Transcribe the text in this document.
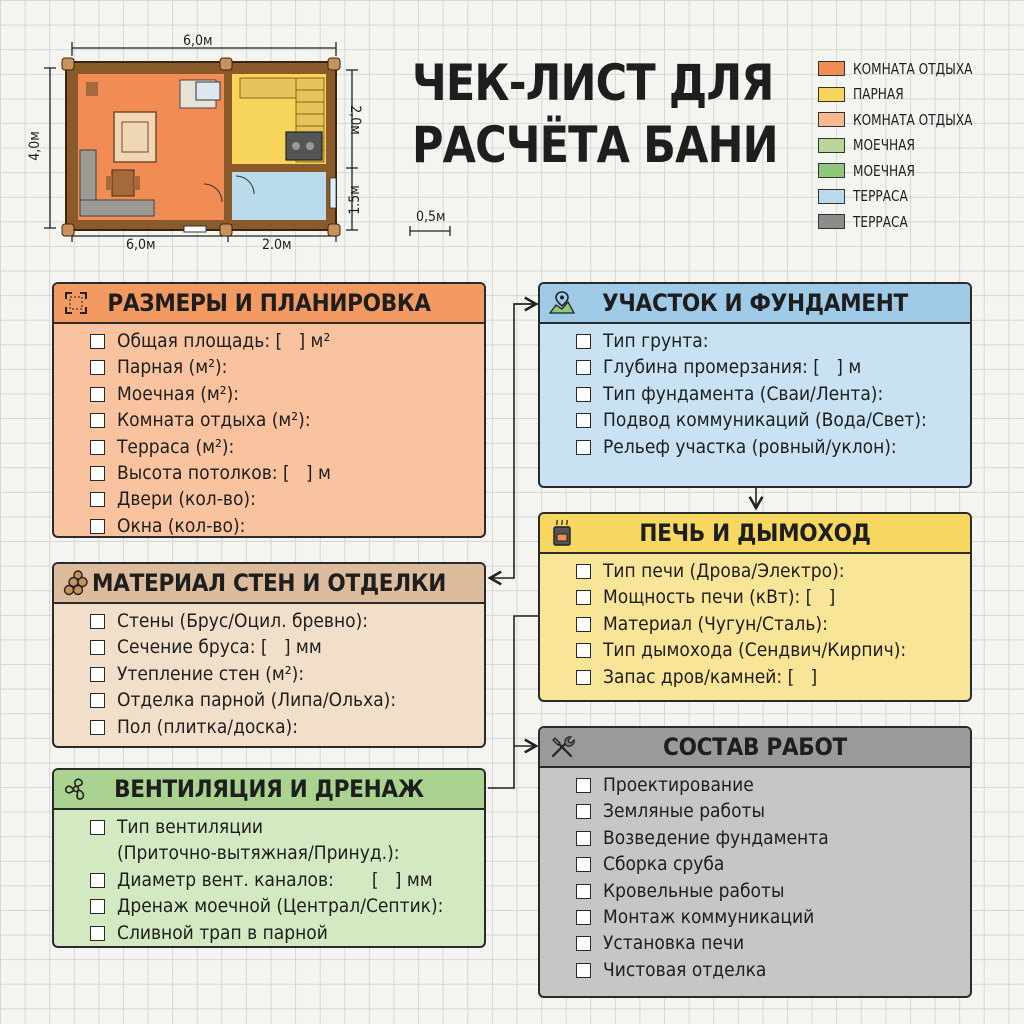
6,0м
4,0м
2,0м
1.5м
6,0м	2.0м
0,5м
ЧЕК-ЛИСТ ДЛЯ
РАСЧЁТА БАНИ
КОМНАТА ОТДЫХА
ПАРНАЯ
КОМНАТА ОТДЫХА
МОЕЧНАЯ
МОЕЧНАЯ
ТЕРРАСА
ТЕРРАСА
РАЗМЕРЫ И ПЛАНИРОВКА
Общая площадь: [   ] м²
Парная (м²):
Моечная (м²):
Комната отдыха (м²):
Терраса (м²):
Высота потолков: [   ] м
Двери (кол-во):
Окна (кол-во):
МАТЕРИАЛ СТЕН И ОТДЕЛКИ
Стены (Брус/Оцил. бревно):
Сечение бруса: [   ] мм
Утепление стен (м²):
Отделка парной (Липа/Ольха):
Пол (плитка/доска):
ВЕНТИЛЯЦИЯ И ДРЕНАЖ
Тип вентиляции
(Приточно-вытяжная/Принуд.):
Диаметр вент. каналов:       [   ] мм
Дренаж моечной (Централ/Септик):
Сливной трап в парной
УЧАСТОК И ФУНДАМЕНТ
Тип грунта:
Глубина промерзания: [   ] м
Тип фундамента (Сваи/Лента):
Подвод коммуникаций (Вода/Свет):
Рельеф участка (ровный/уклон):
ПЕЧЬ И ДЫМОХОД
Тип печи (Дрова/Электро):
Мощность печи (кВт): [   ]
Материал (Чугун/Сталь):
Тип дымохода (Сендвич/Кирпич):
Запас дров/камней: [   ]
СОСТАВ РАБОТ
Проектирование
Земляные работы
Возведение фундамента
Сборка сруба
Кровельные работы
Монтаж коммуникаций
Установка печи
Чистовая отделка
